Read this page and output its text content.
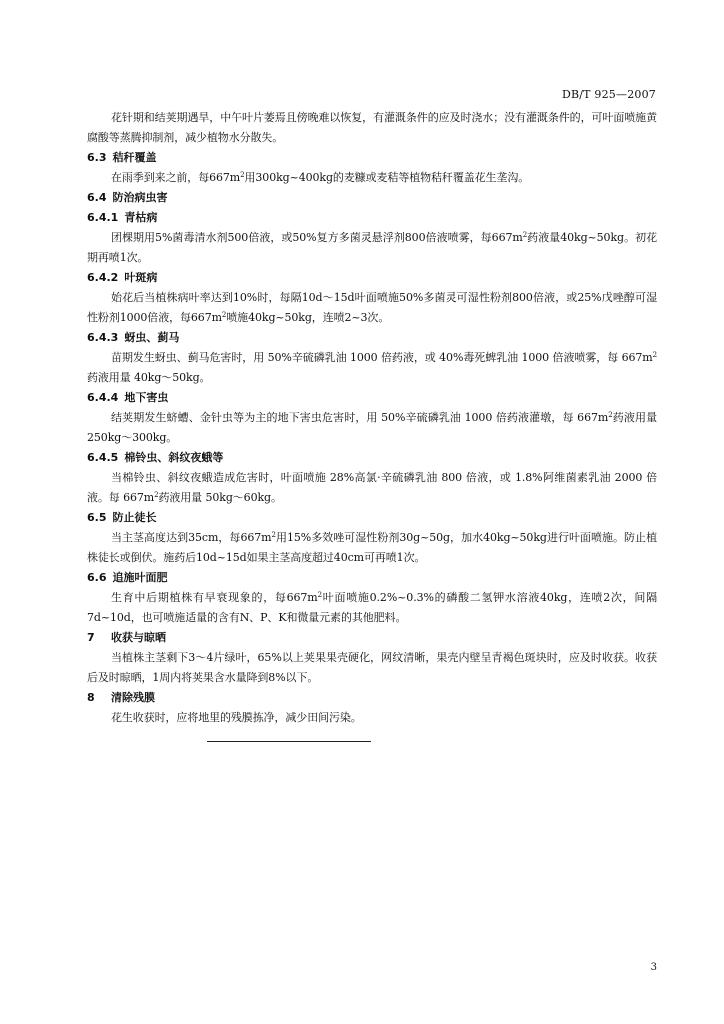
DB/T 925—2007

花针期和结荚期遇旱，中午叶片萎焉且傍晚难以恢复，有灌溉条件的应及时浇水；没有灌溉条件的，可叶面喷施黄腐酸等蒸腾抑制剂，减少植物水分散失。

6.3 秸秆覆盖

在雨季到来之前，每$667m^2$用300kg~400kg的麦糠或麦秸等植物秸秆覆盖花生垄沟。

6.4 防治病虫害

6.4.1 青枯病

团棵期用5%菌毒清水剂500倍液，或50%复方多菌灵悬浮剂800倍液喷雾，每$667m^2$药液量40kg~50kg。初花期再喷1次。

6.4.2 叶斑病

始花后当植株病叶率达到10%时，每隔10d～15d叶面喷施50%多菌灵可湿性粉剂800倍液，或25%戊唑醇可湿性粉剂1000倍液，每$667m^2$喷施40kg~50kg，连喷2~3次。

6.4.3 蚜虫、蓟马

苗期发生蚜虫、蓟马危害时，用 50%辛硫磷乳油 1000 倍药液，或 40%毒死蜱乳油 1000 倍液喷雾，每 $667m^2$药液用量 40kg～50kg。

6.4.4 地下害虫

结荚期发生蛴螬、金针虫等为主的地下害虫危害时，用 50%辛硫磷乳油 1000 倍药液灌墩，每 $667m^2$药液用量 250kg～300kg。

6.4.5 棉铃虫、斜纹夜蛾等

当棉铃虫、斜纹夜蛾造成危害时，叶面喷施 28%高氯·辛硫磷乳油 800 倍液，或 1.8%阿维菌素乳油 2000 倍液。每 $667m^2$药液用量 50kg～60kg。

6.5 防止徒长

当主茎高度达到35cm，每$667m^2$用15%多效唑可湿性粉剂30g~50g，加水40kg~50kg进行叶面喷施。防止植株徒长或倒伏。施药后10d~15d如果主茎高度超过40cm可再喷1次。

6.6 追施叶面肥

生育中后期植株有早衰现象的，每$667m^2$叶面喷施0.2%~0.3%的磷酸二氢钾水溶液40kg，连喷2次，间隔7d~10d，也可喷施适量的含有N、P、K和微量元素的其他肥料。

7 收获与晾晒

当植株主茎剩下3～4片绿叶，65%以上荚果果壳硬化，网纹清晰，果壳内壁呈青褐色斑块时，应及时收获。收获后及时晾晒，1周内将荚果含水量降到8%以下。

8 清除残膜

花生收获时，应将地里的残膜拣净，减少田间污染。

3
